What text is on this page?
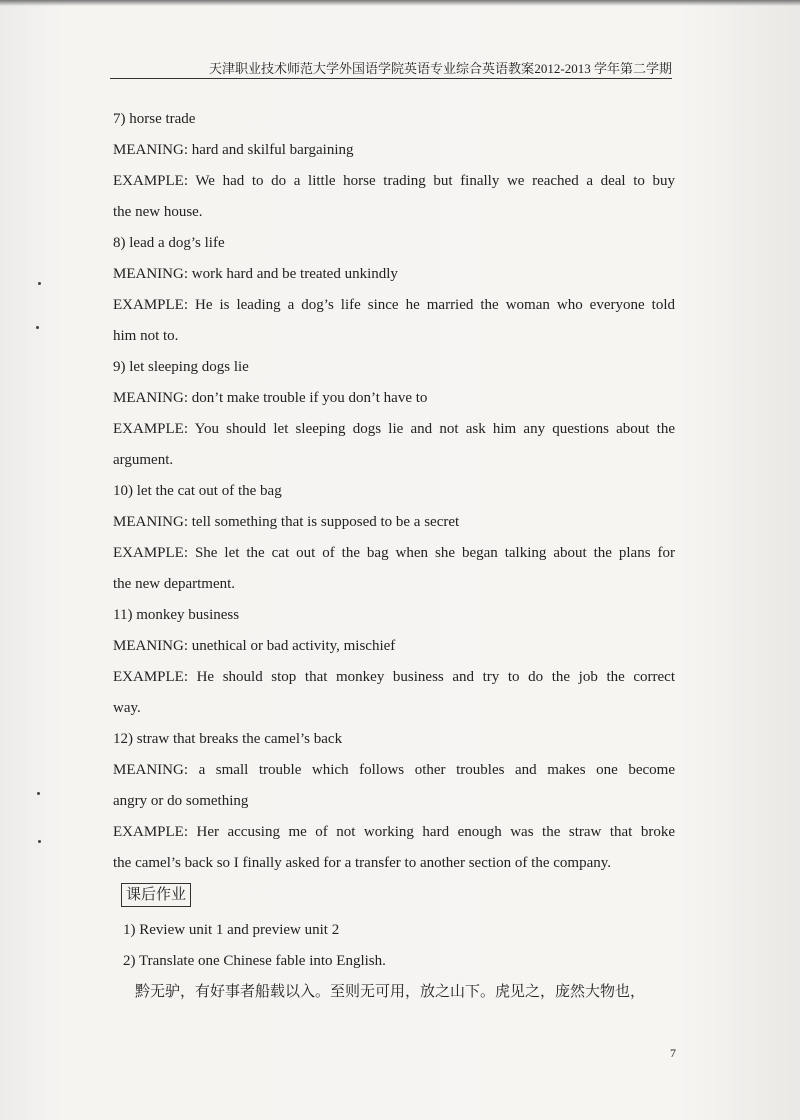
天津职业技术师范大学外国语学院英语专业综合英语教案 2012-2013 学年第二学期
7) horse trade
MEANING: hard and skilful bargaining
EXAMPLE: We had to do a little horse trading but finally we reached a deal to buy
the new house.
8) lead a dog’s life
MEANING: work hard and be treated unkindly
EXAMPLE: He is leading a dog’s life since he married the woman who everyone told
him not to.
9) let sleeping dogs lie
MEANING: don’t make trouble if you don’t have to
EXAMPLE: You should let sleeping dogs lie and not ask him any questions about the
argument.
10) let the cat out of the bag
MEANING: tell something that is supposed to be a secret
EXAMPLE: She let the cat out of the bag when she began talking about the plans for
the new department.
11) monkey business
MEANING: unethical or bad activity, mischief
EXAMPLE: He should stop that monkey business and try to do the job the correct
way.
12) straw that breaks the camel’s back
MEANING: a small trouble which follows other troubles and makes one become
angry or do something
EXAMPLE: Her accusing me of not working hard enough was the straw that broke
the camel’s back so I finally asked for a transfer to another section of the company.
课后作业
1) Review unit 1 and preview unit 2
2) Translate one Chinese fable into English.
黔无驴，有好事者船载以入。至则无可用，放之山下。虎见之，庞然大物也，
7
